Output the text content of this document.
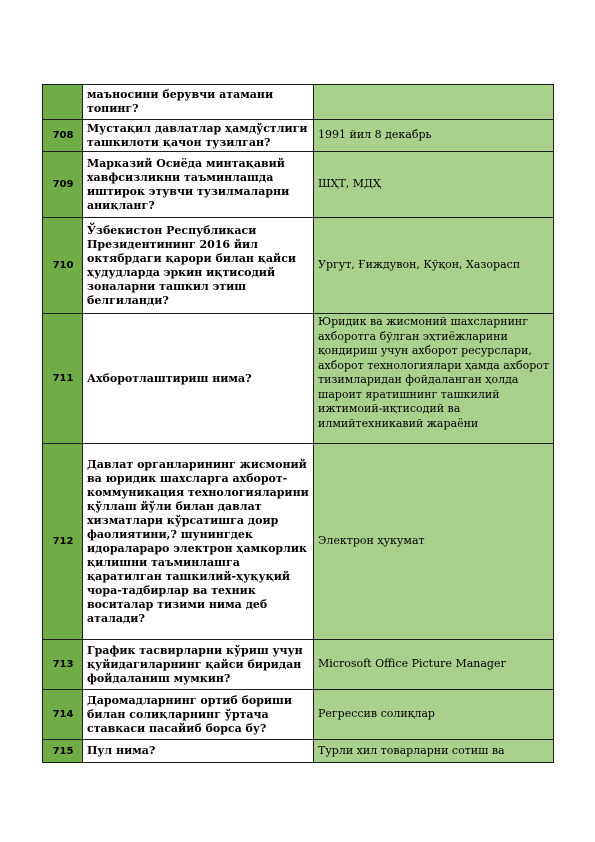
	маъносини берувчи атамани топинг?	
708	Мустақил давлатлар ҳамдўстлиги ташкилоти қачон тузилган?	1991 йил 8 декабрь
709	Марказий Осиёда минтақавий хавфсизликни таъминлашда иштирок этувчи тузилмаларни аниқланг?	ШҲТ, МДҲ
710	Ўзбекистон Республикаси Президентининг 2016 йил октябрдаги қарори билан қайси ҳудудларда эркин иқтисодий зоналарни ташкил этиш белгиланди?	Ургут, Ғиждувон, Кўқон, Хазорасп
711	Ахборотлаштириш нима?	Юридик ва жисмоний шахсларнинг ахборотга бўлган эҳтиёжларини қондириш учун ахборот ресурслари, ахборот технологиялари ҳамда ахборот тизимларидан фойдаланган ҳолда шароит яратишнинг ташкилий ижтимоий-иқтисодий ва илмийтехникавий жараёни
712	Давлат органларининг жисмоний ва юридик шахсларга ахборот-коммуникация технологияларини қўллаш йўли билан давлат хизматлари кўрсатишга доир фаолиятини,? шунингдек идораларaро электрон ҳамкорлик қилишни таъминлашга қаратилган ташкилий-ҳуқуқий чора-тадбирлар ва техник воситалар тизими нима деб аталади?	Электрон ҳукумат
713	График тасвирларни кўриш учун қуйидагиларнинг қайси биридан фойдаланиш мумкин?	Microsoft Office Picture Manager
714	Даромадларнинг ортиб бориши билан солиқларнинг ўртача ставкаси пасайиб борса бу?	Регрессив солиқлар
715	Пул нима?	Турли хил товарларни сотиш ва
